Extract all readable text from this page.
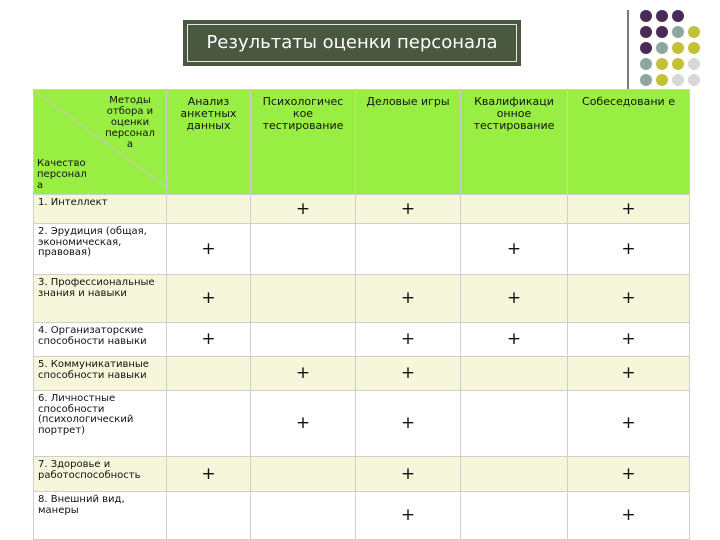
Результаты оценки персонала
Методы отбора и оценки персонал а
Качество персонал а	Анализ анкетных данных	Психологичес кое тестирование	Деловые игры	Квалификаци онное тестирование	Собеседовани е
1. Интеллект		+	+		+
2. Эрудиция (общая, экономическая, правовая)	+			+	+
3. Профессиональные знания и навыки	+		+	+	+
4. Организаторские способности навыки	+		+	+	+
5. Коммуникативные способности навыки		+	+		+
6. Личностные способности (психологический портрет)		+	+		+
7. Здоровье и работоспособность	+		+		+
8. Внешний вид, манеры			+		+
